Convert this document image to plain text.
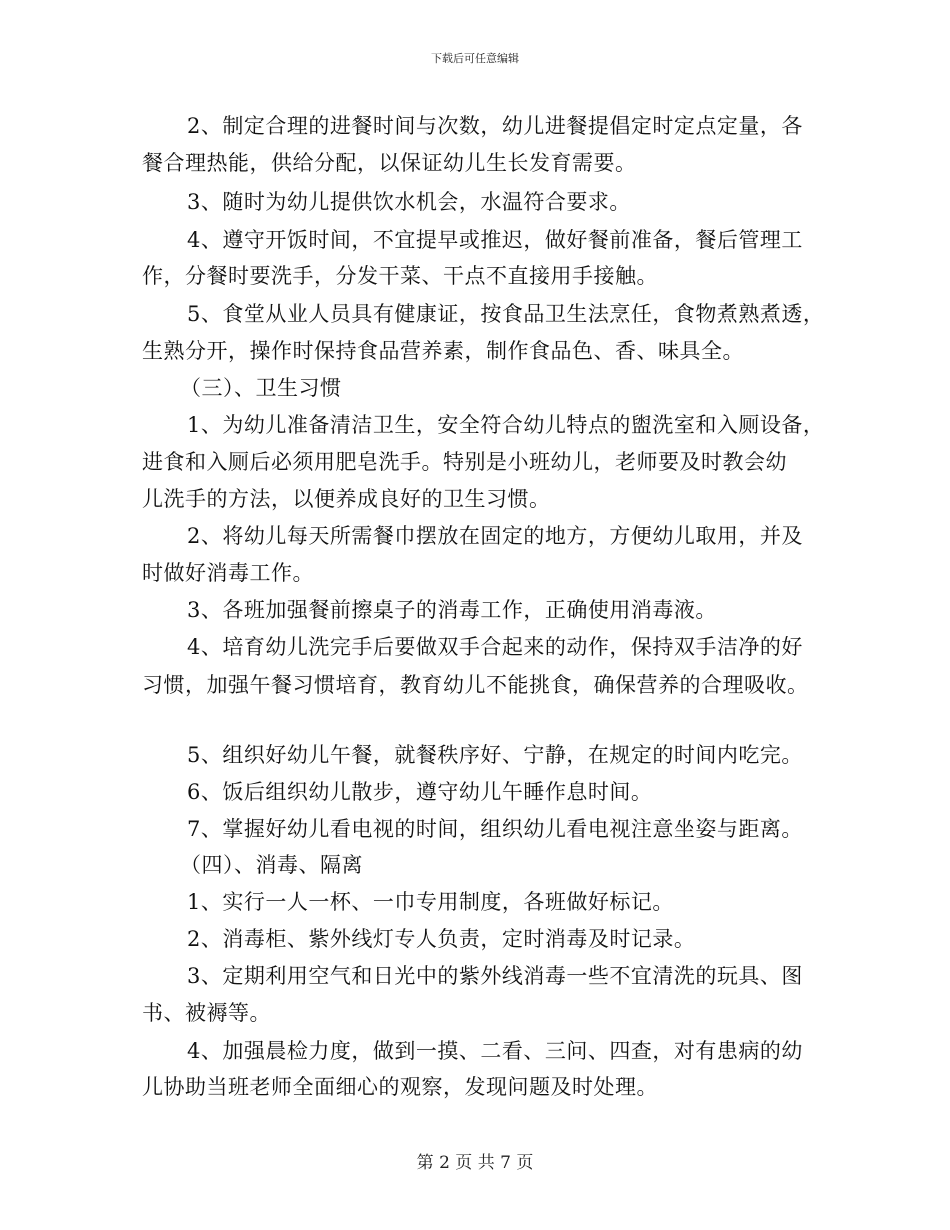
下载后可任意编辑
2、制定合理的进餐时间与次数，幼儿进餐提倡定时定点定量，各
餐合理热能，供给分配，以保证幼儿生长发育需要。
3、随时为幼儿提供饮水机会，水温符合要求。
4、遵守开饭时间，不宜提早或推迟，做好餐前准备，餐后管理工
作，分餐时要洗手，分发干菜、干点不直接用手接触。
5、食堂从业人员具有健康证，按食品卫生法烹任，食物煮熟煮透，
生熟分开，操作时保持食品营养素，制作食品色、香、味具全。
（三）、卫生习惯
1、为幼儿准备清洁卫生，安全符合幼儿特点的盥洗室和入厕设备，
进食和入厕后必须用肥皂洗手。特别是小班幼儿，老师要及时教会幼
儿洗手的方法，以便养成良好的卫生习惯。
2、将幼儿每天所需餐巾摆放在固定的地方，方便幼儿取用，并及
时做好消毒工作。
3、各班加强餐前擦桌子的消毒工作，正确使用消毒液。
4、培育幼儿洗完手后要做双手合起来的动作，保持双手洁净的好
习惯，加强午餐习惯培育，教育幼儿不能挑食，确保营养的合理吸收。
5、组织好幼儿午餐，就餐秩序好、宁静，在规定的时间内吃完。
6、饭后组织幼儿散步，遵守幼儿午睡作息时间。
7、掌握好幼儿看电视的时间，组织幼儿看电视注意坐姿与距离。
（四）、消毒、隔离
1、实行一人一杯、一巾专用制度，各班做好标记。
2、消毒柜、紫外线灯专人负责，定时消毒及时记录。
3、定期利用空气和日光中的紫外线消毒一些不宜清洗的玩具、图
书、被褥等。
4、加强晨检力度，做到一摸、二看、三问、四查，对有患病的幼
儿协助当班老师全面细心的观察，发现问题及时处理。
第 2 页 共 7 页
